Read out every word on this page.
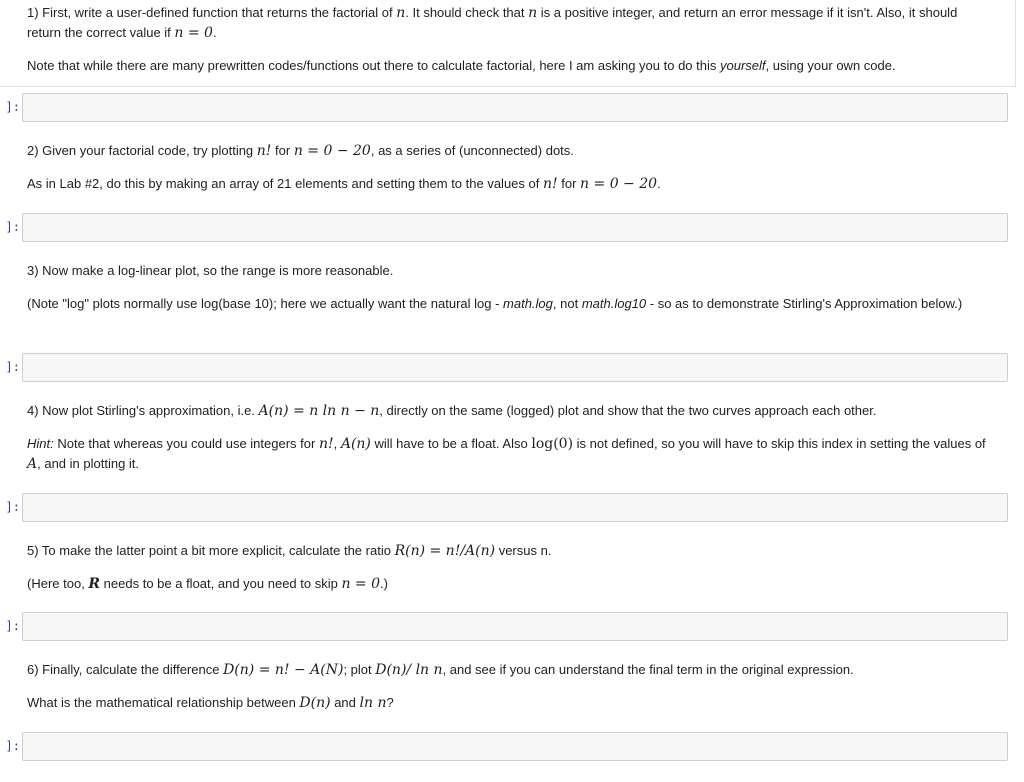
1) First, write a user-defined function that returns the factorial of n. It should check that n is a positive integer, and return an error message if it isn't. Also, it should return the correct value if n = 0.

Note that while there are many prewritten codes/functions out there to calculate factorial, here I am asking you to do this yourself, using your own code.

]:

2) Given your factorial code, try plotting n! for n = 0 − 20, as a series of (unconnected) dots.

As in Lab #2, do this by making an array of 21 elements and setting them to the values of n! for n = 0 − 20.

]:

3) Now make a log-linear plot, so the range is more reasonable.

(Note "log" plots normally use log(base 10); here we actually want the natural log - math.log, not math.log10 - so as to demonstrate Stirling's Approximation below.)

]:

4) Now plot Stirling's approximation, i.e. A(n) = n ln n − n, directly on the same (logged) plot and show that the two curves approach each other.

Hint: Note that whereas you could use integers for n!, A(n) will have to be a float. Also log(0) is not defined, so you will have to skip this index in setting the values of A, and in plotting it.

]:

5) To make the latter point a bit more explicit, calculate the ratio R(n) = n!/A(n) versus n.

(Here too, R needs to be a float, and you need to skip n = 0.)

]:

6) Finally, calculate the difference D(n) = n! − A(N); plot D(n)/ ln n, and see if you can understand the final term in the original expression.

What is the mathematical relationship between D(n) and ln n?

]:
